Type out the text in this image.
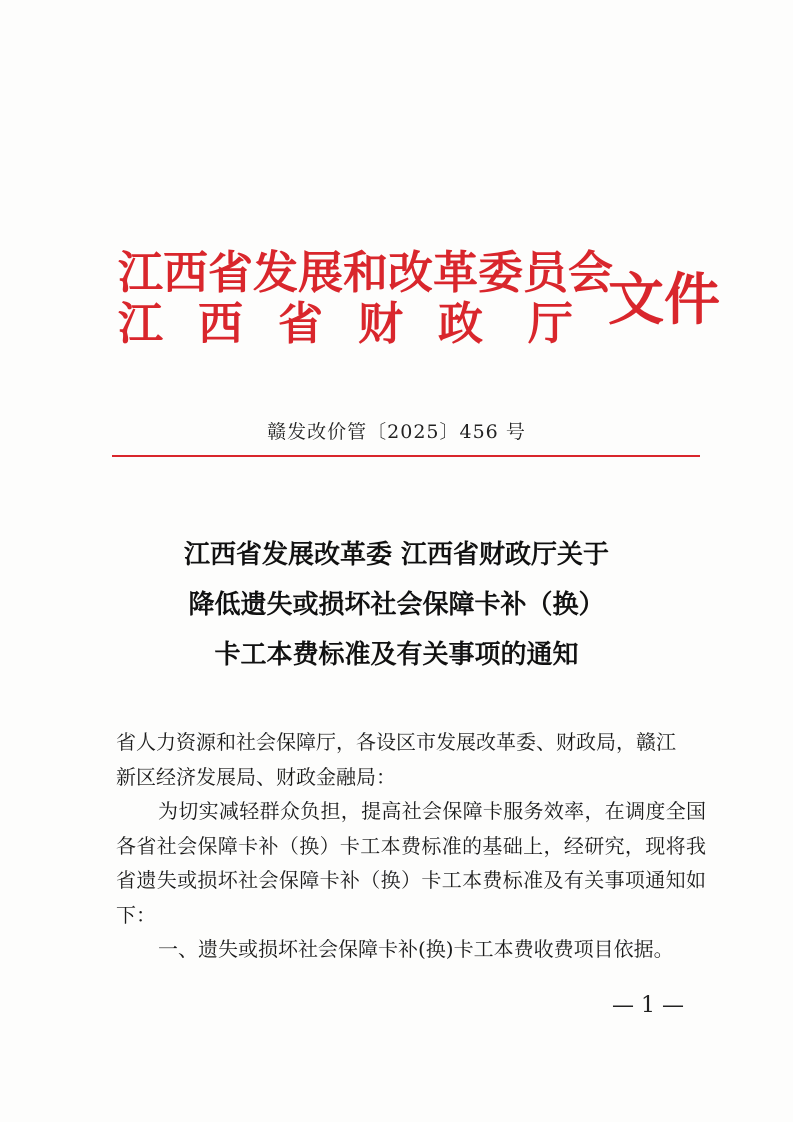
江西省发展和改革委员会
江 西 省 财 政 厅 文件
赣发改价管〔2025〕456 号
江西省发展改革委 江西省财政厅关于
降低遗失或损坏社会保障卡补（换）
卡工本费标准及有关事项的通知

省人力资源和社会保障厅，各设区市发展改革委、财政局，赣江
新区经济发展局、财政金融局：

为切实减轻群众负担，提高社会保障卡服务效率，在调度全国各省社会保障卡补（换）卡工本费标准的基础上，经研究，现将我省遗失或损坏社会保障卡补（换）卡工本费标准及有关事项通知如下：

一、遗失或损坏社会保障卡补(换)卡工本费收费项目依据。

— 1 —
